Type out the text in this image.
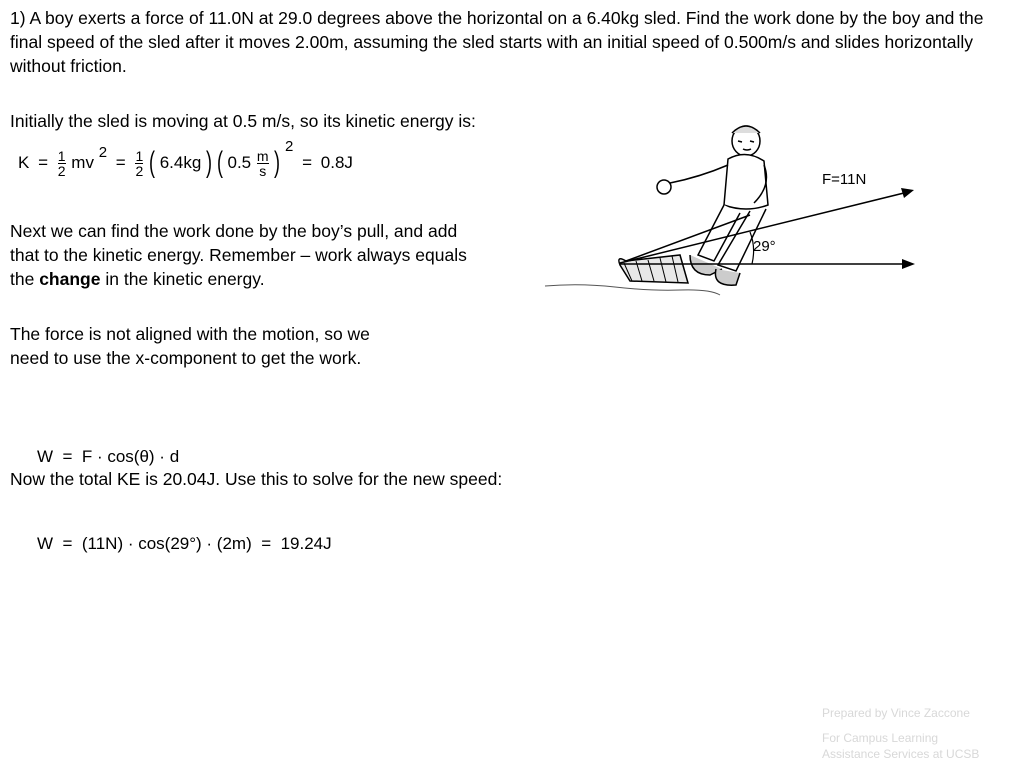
1) A boy exerts a force of 11.0N at 29.0 degrees above the horizontal on a 6.40kg sled. Find the work done by the boy and the final speed of the sled after it moves 2.00m, assuming the sled starts with an initial speed of 0.500m/s and slides horizontally without friction.
Initially the sled is moving at 0.5 m/s, so its kinetic energy is:
$K = \frac{1}{2}$ mv $2 = \frac{1}{2}$ ( 6.4kg ) ( $0.5 \frac{m}{s}$ ) 2 = 0.8J
Next we can find the work done by the boy’s pull, and add
that to the kinetic energy. Remember – work always equals
the change in the kinetic energy.
The force is not aligned with the motion, so we
need to use the x-component to get the work.

W  =  F · cos(θ) · d

W  =  (11N) · cos(29°) · (2m)  =  19.24J

Now the total KE is 20.04J. Use this to solve for the new speed:
F=11N
29°
Prepared by Vince Zaccone
For Campus Learning
Assistance Services at UCSB
